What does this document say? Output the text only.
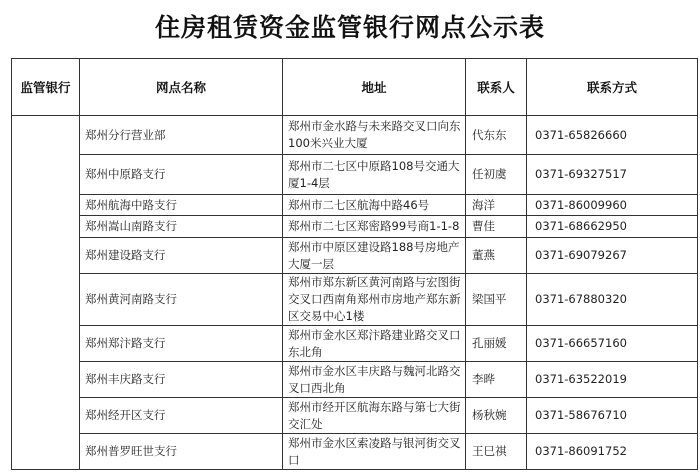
住房租赁资金监管银行网点公示表
监管银行	网点名称	地址	联系人	联系方式
	郑州分行营业部	郑州市金水路与未来路交叉口向东100米兴业大厦	代东东	0371-65826660
	郑州中原路支行	郑州市二七区中原路108号交通大厦1-4层	任初虞	0371-69327517
	郑州航海中路支行	郑州市二七区航海中路46号	海洋	0371-86009960
	郑州嵩山南路支行	郑州市二七区郑密路99号商1-1-8	曹佳	0371-68662950
	郑州建设路支行	郑州市中原区建设路188号房地产大厦一层	董燕	0371-69079267
	郑州黄河南路支行	郑州市郑东新区黄河南路与宏图街交叉口西南角郑州市房地产郑东新区交易中心1楼	梁国平	0371-67880320
	郑州郑汴路支行	郑州市金水区郑汴路建业路交叉口东北角	孔丽媛	0371-66657160
	郑州丰庆路支行	郑州市金水区丰庆路与魏河北路交叉口西北角	李晔	0371-63522019
	郑州经开区支行	郑州市经开区航海东路与第七大街交汇处	杨秋婉	0371-58676710
	郑州普罗旺世支行	郑州市金水区索凌路与银河街交叉口	王巳祺	0371-86091752
